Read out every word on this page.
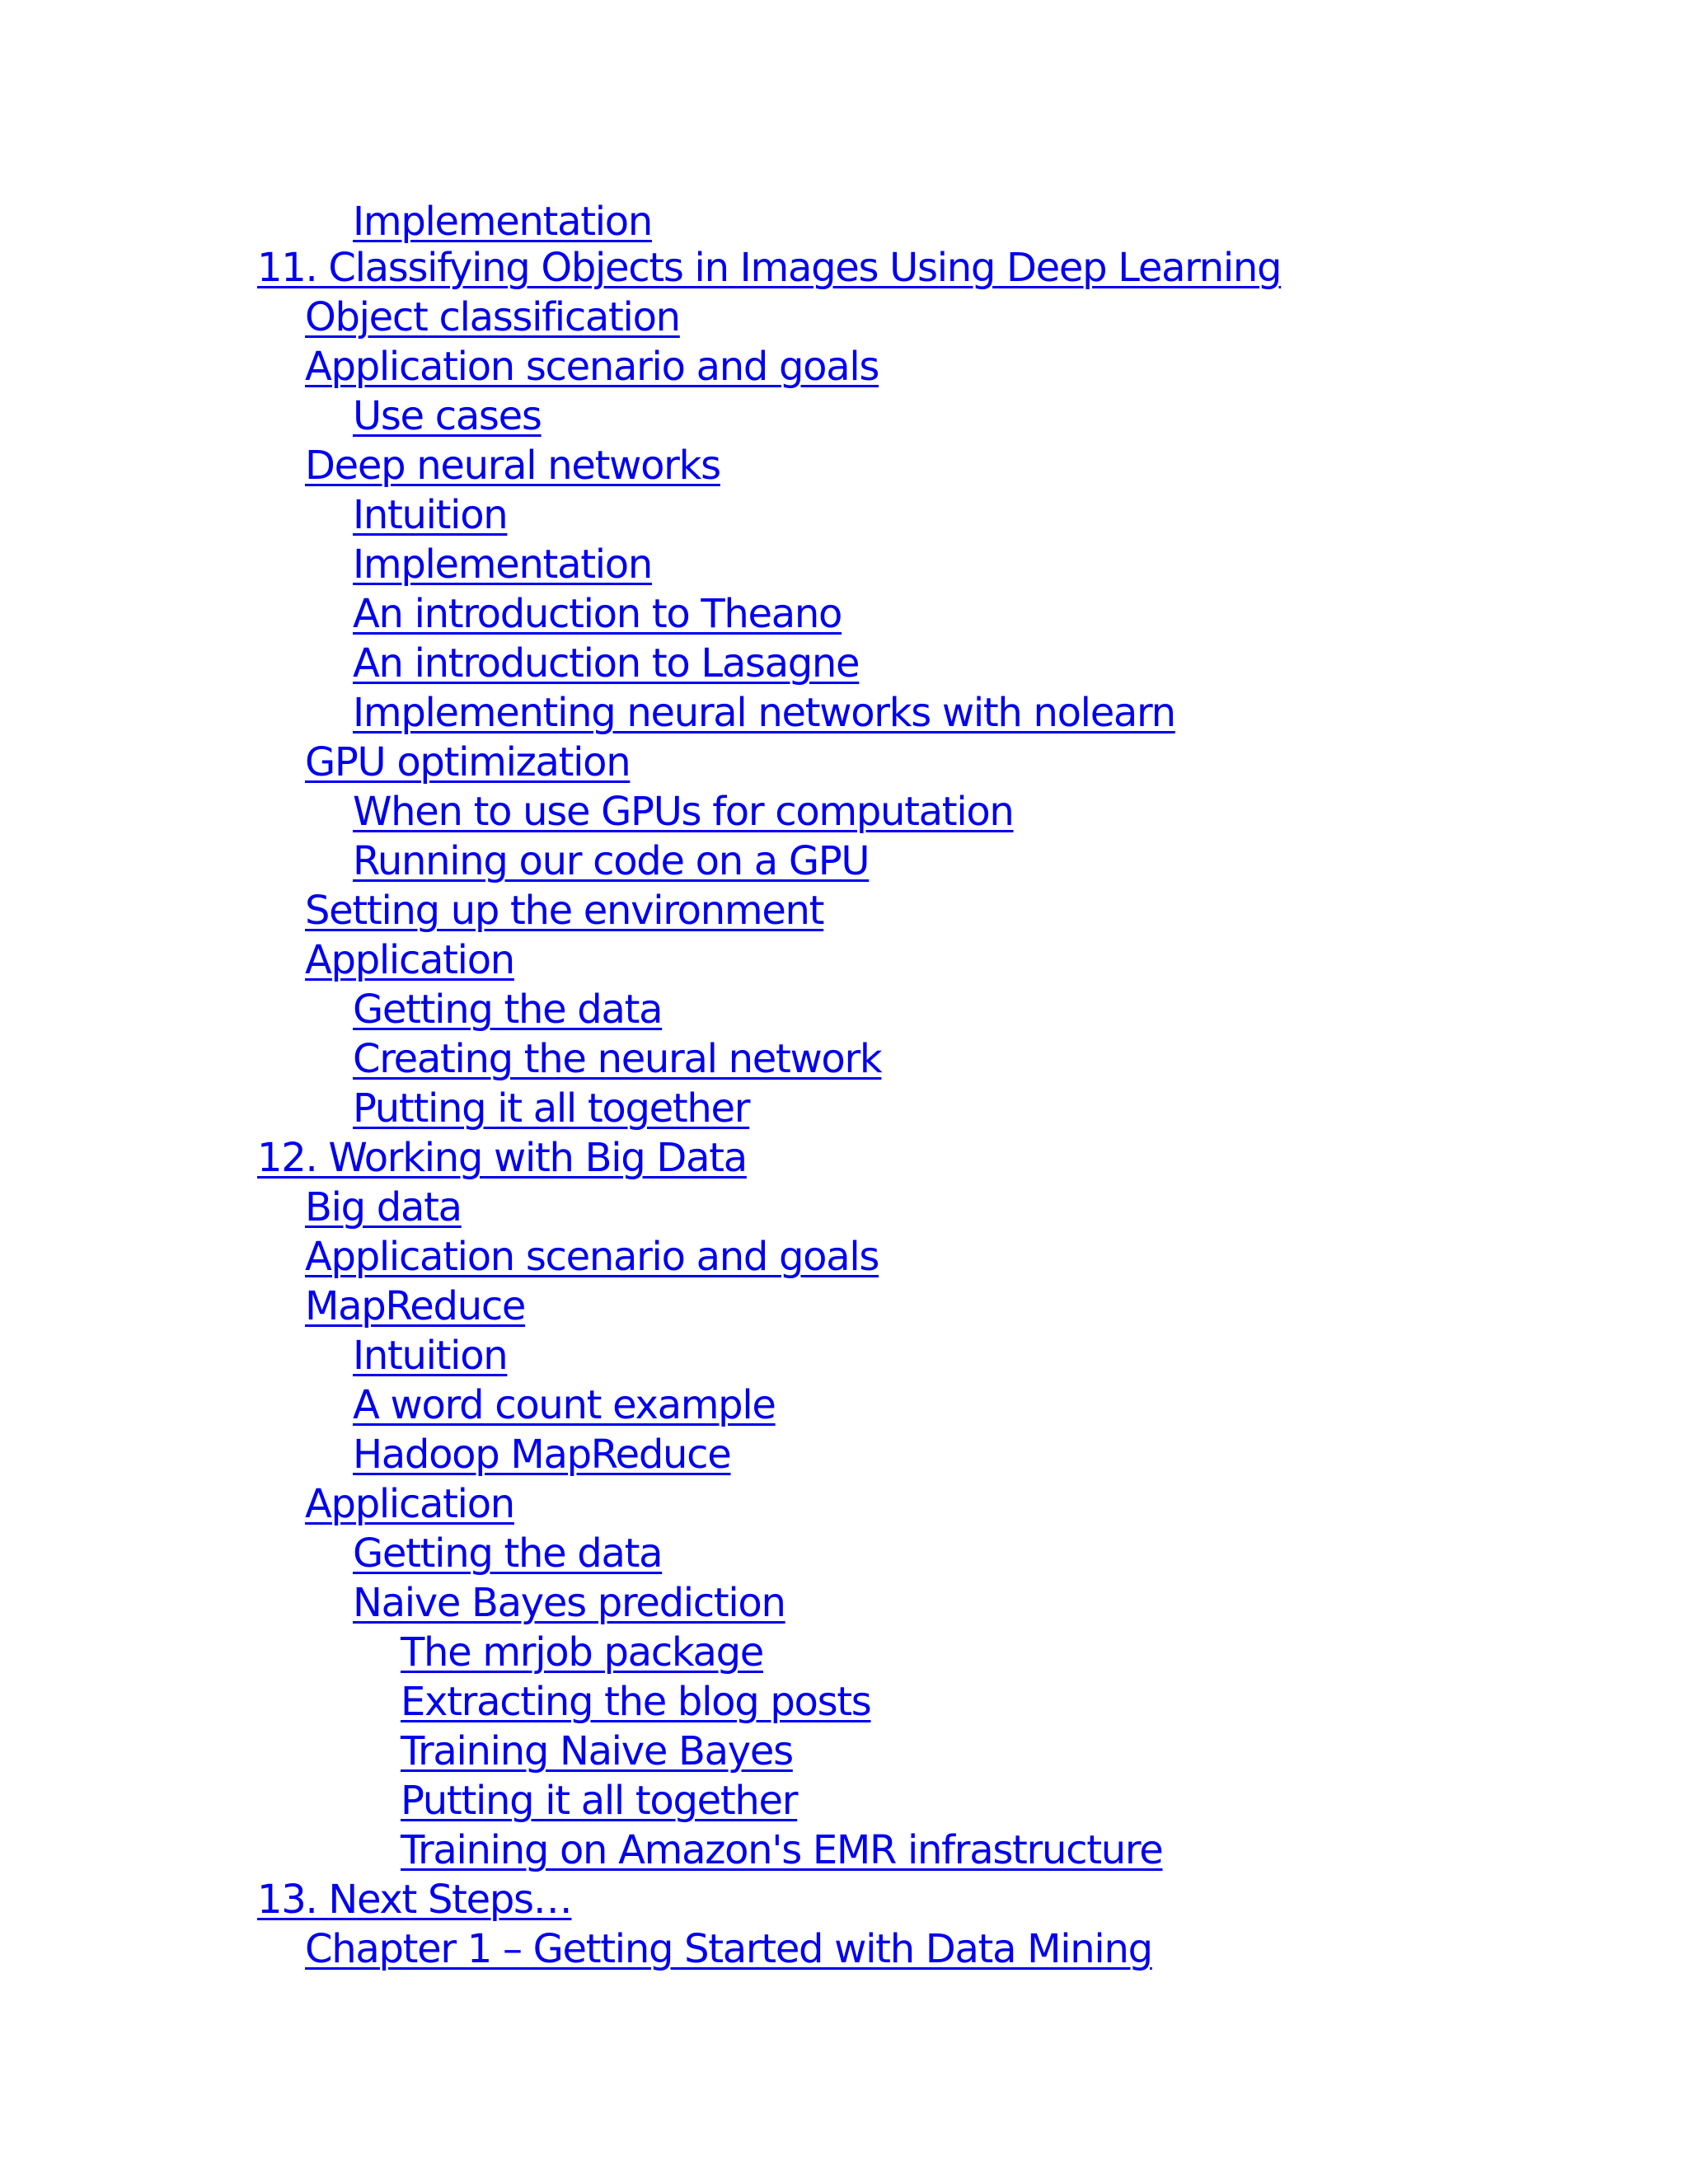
Implementation
11. Classifying Objects in Images Using Deep Learning
Object classification
Application scenario and goals
Use cases
Deep neural networks
Intuition
Implementation
An introduction to Theano
An introduction to Lasagne
Implementing neural networks with nolearn
GPU optimization
When to use GPUs for computation
Running our code on a GPU
Setting up the environment
Application
Getting the data
Creating the neural network
Putting it all together
12. Working with Big Data
Big data
Application scenario and goals
MapReduce
Intuition
A word count example
Hadoop MapReduce
Application
Getting the data
Naive Bayes prediction
The mrjob package
Extracting the blog posts
Training Naive Bayes
Putting it all together
Training on Amazon's EMR infrastructure
13. Next Steps…
Chapter 1 – Getting Started with Data Mining
